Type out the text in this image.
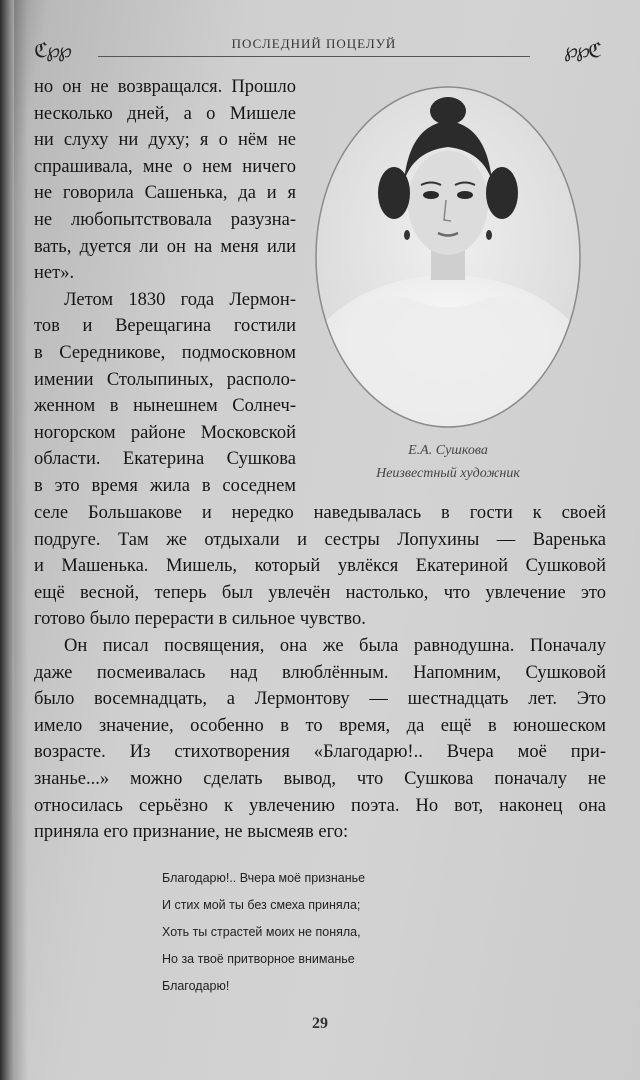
ℭ℘℘	ПОСЛЕДНИЙ ПОЦЕЛУЙ	℘℘ℭ
но он не возвращался. Прошло
несколько дней, а о Мишеле
ни слуху ни духу; я о нём не
спрашивала, мне о нем ничего
не говорила Сашенька, да и я
не любопытствовала разузна-
вать, дуется ли он на меня или
нет».
Летом 1830 года Лермон-
тов и Верещагина гостили
в Середникове, подмосковном
имении Столыпиных, располо-
женном в нынешнем Солнеч-
ногорском районе Московской
области. Екатерина Сушкова
в это время жила в соседнем
Е.А. Сушкова
Неизвестный художник
селе Большакове и нередко наведывалась в гости к своей
подруге. Там же отдыхали и сестры Лопухины — Варенька
и Машенька. Мишель, который увлёкся Екатериной Сушковой
ещё весной, теперь был увлечён настолько, что увлечение это
готово было перерасти в сильное чувство.
Он писал посвящения, она же была равнодушна. Поначалу
даже посмеивалась над влюблённым. Напомним, Сушковой
было восемнадцать, а Лермонтову — шестнадцать лет. Это
имело значение, особенно в то время, да ещё в юношеском
возрасте. Из стихотворения «Благодарю!.. Вчера моё при-
знанье...» можно сделать вывод, что Сушкова поначалу не
относилась серьёзно к увлечению поэта. Но вот, наконец она
приняла его признание, не высмеяв его:
Благодарю!.. Вчера моё признанье
И стих мой ты без смеха приняла;
Хоть ты страстей моих не поняла,
Но за твоё притворное вниманье
Благодарю!
29
